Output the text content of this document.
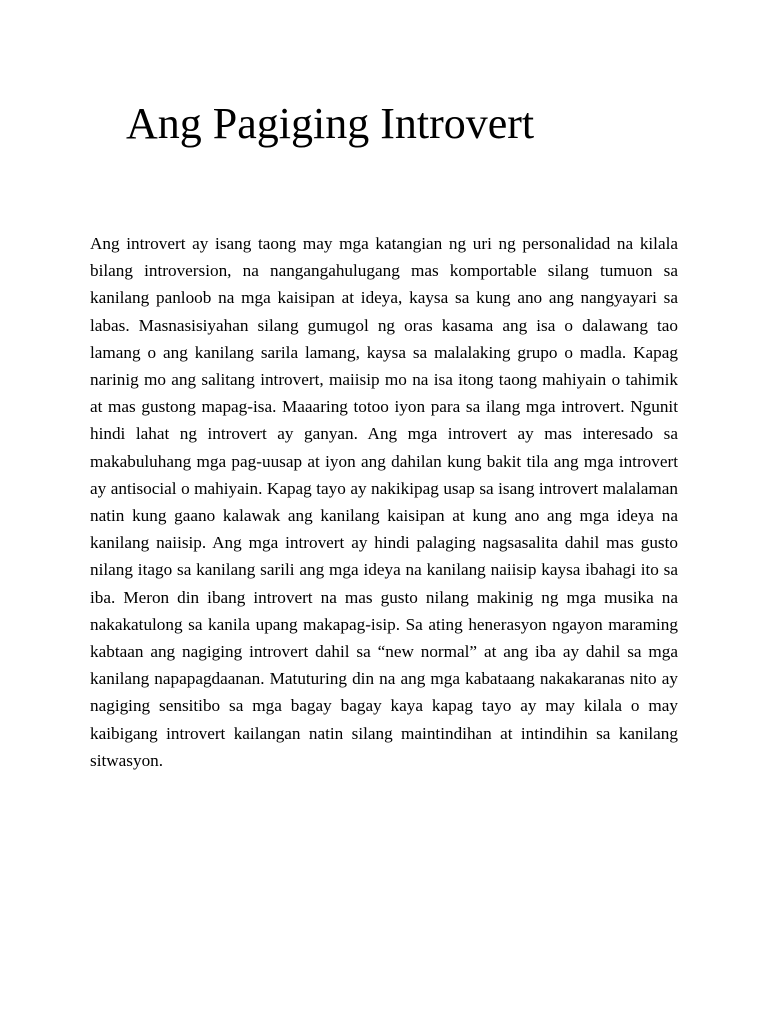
Ang Pagiging Introvert

Ang introvert ay isang taong may mga katangian ng uri ng personalidad na kilala bilang introversion, na nangangahulugang mas komportable silang tumuon sa kanilang panloob na mga kaisipan at ideya, kaysa sa kung ano ang nangyayari sa labas. Masnasisiyahan silang gumugol ng oras kasama ang isa o dalawang tao lamang o ang kanilang sarila lamang, kaysa sa malalaking grupo o madla. Kapag narinig mo ang salitang introvert, maiisip mo na isa itong taong mahiyain o tahimik at mas gustong mapag-isa. Maaaring totoo iyon para sa ilang mga introvert. Ngunit hindi lahat ng introvert ay ganyan. Ang mga introvert ay mas interesado sa makabuluhang mga pag-uusap at iyon ang dahilan kung bakit tila ang mga introvert ay antisocial o mahiyain. Kapag tayo ay nakikipag usap sa isang introvert malalaman natin kung gaano kalawak ang kanilang kaisipan at kung ano ang mga ideya na kanilang naiisip. Ang mga introvert ay hindi palaging nagsasalita dahil mas gusto nilang itago sa kanilang sarili ang mga ideya na kanilang naiisip kaysa ibahagi ito sa iba. Meron din ibang introvert na mas gusto nilang makinig ng mga musika na nakakatulong sa kanila upang makapag-isip. Sa ating henerasyon ngayon maraming kabtaan ang nagiging introvert dahil sa “new normal” at ang iba ay dahil sa mga kanilang napapagdaanan. Matuturing din na ang mga kabataang nakakaranas nito ay nagiging sensitibo sa mga bagay bagay kaya kapag tayo ay may kilala o may kaibigang introvert kailangan natin silang maintindihan at intindihin sa kanilang sitwasyon.
